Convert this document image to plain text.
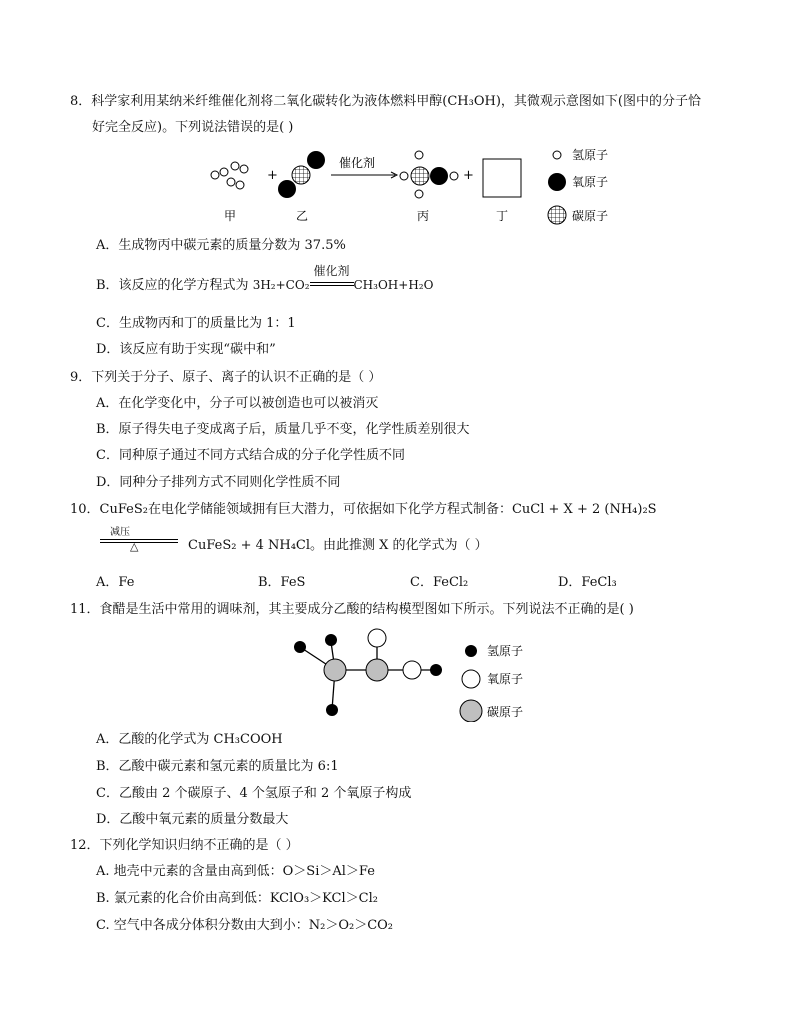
8．科学家利用某纳米纤维催化剂将二氧化碳转化为液体燃料甲醇(CH₃OH)，其微观示意图如下(图中的分子恰
好完全反应)。下列说法错误的是( )
+
催化剂
+
甲	乙	丙	丁
氢原子
氧原子
碳原子
A．生成物丙中碳元素的质量分数为 37.5%
B．该反应的化学方程式为 3H₂+CO₂
催化剂
CH₃OH+H₂O
C．生成物丙和丁的质量比为 1：1
D．该反应有助于实现“碳中和”
9．下列关于分子、原子、离子的认识不正确的是（ ）
A．在化学变化中，分子可以被创造也可以被消灭
B．原子得失电子变成离子后，质量几乎不变，化学性质差别很大
C．同种原子通过不同方式结合成的分子化学性质不同
D．同种分子排列方式不同则化学性质不同
10．CuFeS₂在电化学储能领域拥有巨大潜力，可依据如下化学方程式制备：CuCl + X + 2 (NH₄)₂S
减压
△	CuFeS₂ + 4 NH₄Cl。由此推测 X 的化学式为（ ）
A．Fe	B．FeS	C．FeCl₂	D．FeCl₃
11．食醋是生活中常用的调味剂，其主要成分乙酸的结构模型图如下所示。下列说法不正确的是( )
氢原子
氧原子
碳原子
A．乙酸的化学式为 CH₃COOH
B．乙酸中碳元素和氢元素的质量比为 6:1
C．乙酸由 2 个碳原子、4 个氢原子和 2 个氧原子构成
D．乙酸中氧元素的质量分数最大
12．下列化学知识归纳不正确的是（ ）
A. 地壳中元素的含量由高到低：O＞Si＞Al＞Fe
B. 氯元素的化合价由高到低：KClO₃＞KCl＞Cl₂
C. 空气中各成分体积分数由大到小：N₂＞O₂＞CO₂
